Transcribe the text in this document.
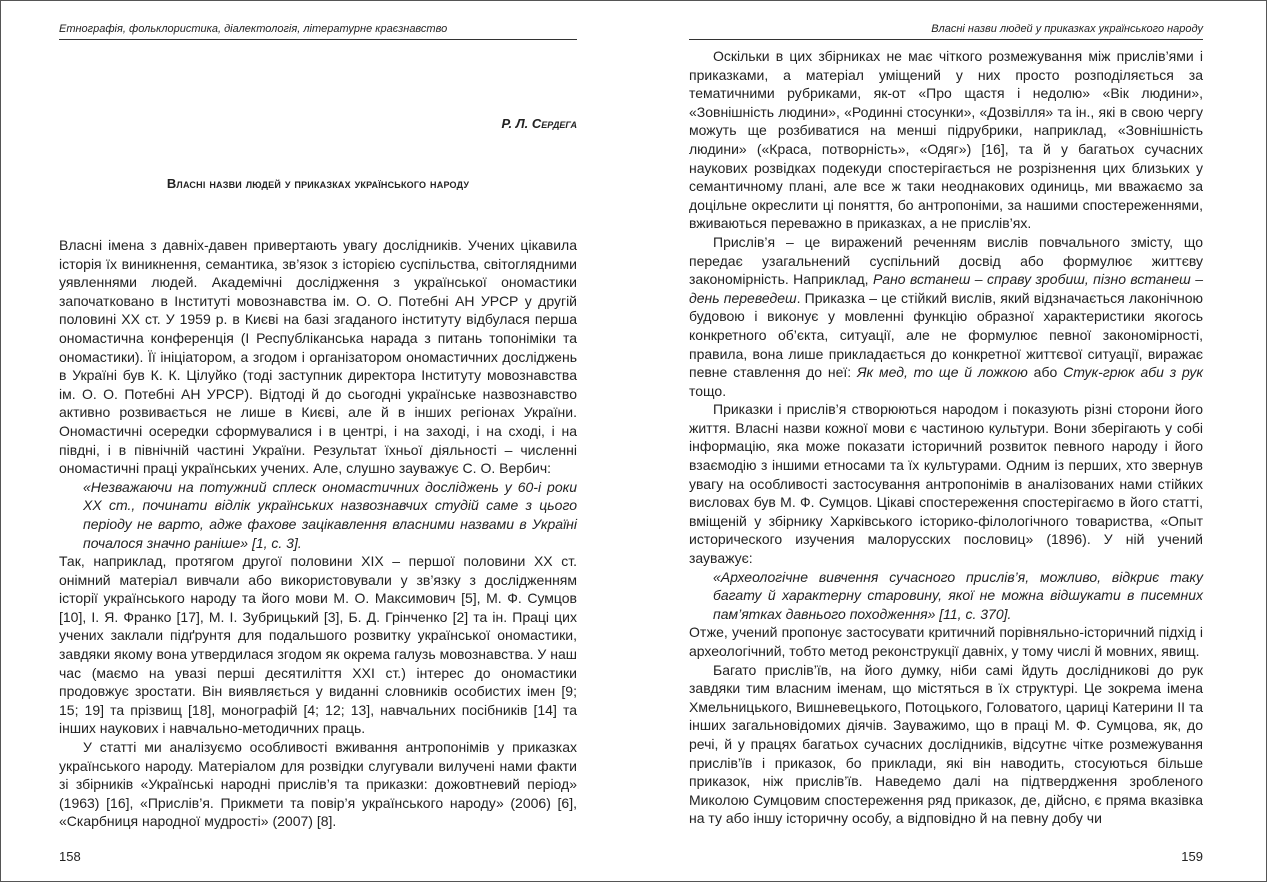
Етнографія, фольклористика, діалектологія, літературне краєзнавство
Р. Л. Сердега
Власні назви людей у приказках українського народу

Власні імена з давніх-давен привертають увагу дослідників. Учених цікавила історія їх виникнення, семантика, зв’язок з історією суспільства, світоглядними уявленнями людей. Академічні дослідження з української ономастики започатковано в Інституті мовознавства ім. О. О. Потебні АН УРСР у другій половині XX ст. У 1959 р. в Києві на базі згаданого інституту відбулася перша ономастична конференція (І Республіканська нарада з питань топоніміки та ономастики). Її ініціатором, а згодом і організатором ономастичних досліджень в Україні був К. К. Цілуйко (тоді заступник директора Інституту мовознавства ім. О. О. Потебні АН УРСР). Відтоді й до сьогодні українське назвознавство активно розвивається не лише в Києві, але й в інших регіонах України. Ономастичні осередки сформувалися і в центрі, і на заході, і на сході, і на півдні, і в північній частині України. Результат їхньої діяльності – численні ономастичні праці українських учених. Але, слушно зауважує С. О. Вербич:

«Незважаючи на потужний сплеск ономастичних досліджень у 60-і роки XX ст., починати відлік українських назвознавчих студій саме з цього періоду не варто, адже фахове зацікавлення власними назвами в Україні почалося значно раніше» [1, с. 3].

Так, наприклад, протягом другої половини XIX – першої половини XX ст. онімний матеріал вивчали або використовували у зв’язку з дослідженням історії українського народу та його мови М. О. Максимович [5], М. Ф. Сумцов [10], І. Я. Франко [17], М. І. Зубрицький [3], Б. Д. Грінченко [2] та ін. Праці цих учених заклали підґрунтя для подальшого розвитку української ономастики, завдяки якому вона утвердилася згодом як окрема галузь мовознавства. У наш час (маємо на увазі перші десятиліття XXI ст.) інтерес до ономастики продовжує зростати. Він виявляється у виданні словників особистих імен [9; 15; 19] та прізвищ [18], монографій [4; 12; 13], навчальних посібників [14] та інших наукових і навчально-методичних праць.

У статті ми аналізуємо особливості вживання антропонімів у приказках українського народу. Матеріалом для розвідки слугували вилучені нами факти зі збірників «Українські народні прислів’я та приказки: дожовтневий період» (1963) [16], «Прислів’я. Прикмети та повір’я українського народу» (2006) [6], «Скарбниця народної мудрості» (2007) [8].

158
Власні назви людей у приказках українського народу

Оскільки в цих збірниках не має чіткого розмежування між прислів’ями і приказками, а матеріал уміщений у них просто розподіляється за тематичними рубриками, як-от «Про щастя і недолю» «Вік людини», «Зовнішність людини», «Родинні стосунки», «Дозвілля» та ін., які в свою чергу можуть ще розбиватися на менші підрубрики, наприклад, «Зовнішність людини» («Краса, потворність», «Одяг») [16], та й у багатьох сучасних наукових розвідках подекуди спостерігається не розрізнення цих близьких у семантичному плані, але все ж таки неоднакових одиниць, ми вважаємо за доцільне окреслити ці поняття, бо антропоніми, за нашими спостереженнями, вживаються переважно в приказках, а не прислів’ях.

Прислів’я – це виражений реченням вислів повчального змісту, що передає узагальнений суспільний досвід або формулює життєву закономірність. Наприклад, Рано встанеш – справу зробиш, пізно встанеш – день переведеш. Приказка – це стійкий вислів, який відзначається лаконічною будовою і виконує у мовленні функцію образної характеристики якогось конкретного об’єкта, ситуації, але не формулює певної закономірності, правила, вона лише прикладається до конкретної життєвої ситуації, виражає певне ставлення до неї: Як мед, то ще й ложкою або Стук-грюк аби з рук тощо.

Приказки і прислів’я створюються народом і показують різні сторони його життя. Власні назви кожної мови є частиною культури. Вони зберігають у собі інформацію, яка може показати історичний розвиток певного народу і його взаємодію з іншими етносами та їх культурами. Одним із перших, хто звернув увагу на особливості застосування антропонімів в аналізованих нами стійких висловах був М. Ф. Сумцов. Цікаві спостереження спостерігаємо в його статті, вміщеній у збірнику Харківського історико-філологічного товариства, «Опыт исторического изучения малорусских пословиц» (1896). У ній учений зауважує:

«Археологічне вивчення сучасного прислів’я, можливо, відкриє таку багату й характерну старовину, якої не можна відшукати в писемних пам’ятках давнього походження» [11, с. 370].

Отже, учений пропонує застосувати критичний порівняльно-історичний підхід і археологічний, тобто метод реконструкції давніх, у тому числі й мовних, явищ.

Багато прислів’їв, на його думку, ніби самі йдуть дослідникові до рук завдяки тим власним іменам, що містяться в їх структурі. Це зокрема імена Хмельницького, Вишневецького, Потоцького, Головатого, цариці Катерини II та інших загальновідомих діячів. Зауважимо, що в праці М. Ф. Сумцова, як, до речі, й у працях багатьох сучасних дослідників, відсутнє чітке розмежування прислів’їв і приказок, бо приклади, які він наводить, стосуються більше приказок, ніж прислів’їв. Наведемо далі на підтвердження зробленого Миколою Сумцовим спостереження ряд приказок, де, дійсно, є пряма вказівка на ту або іншу історичну особу, а відповідно й на певну добу чи

159
